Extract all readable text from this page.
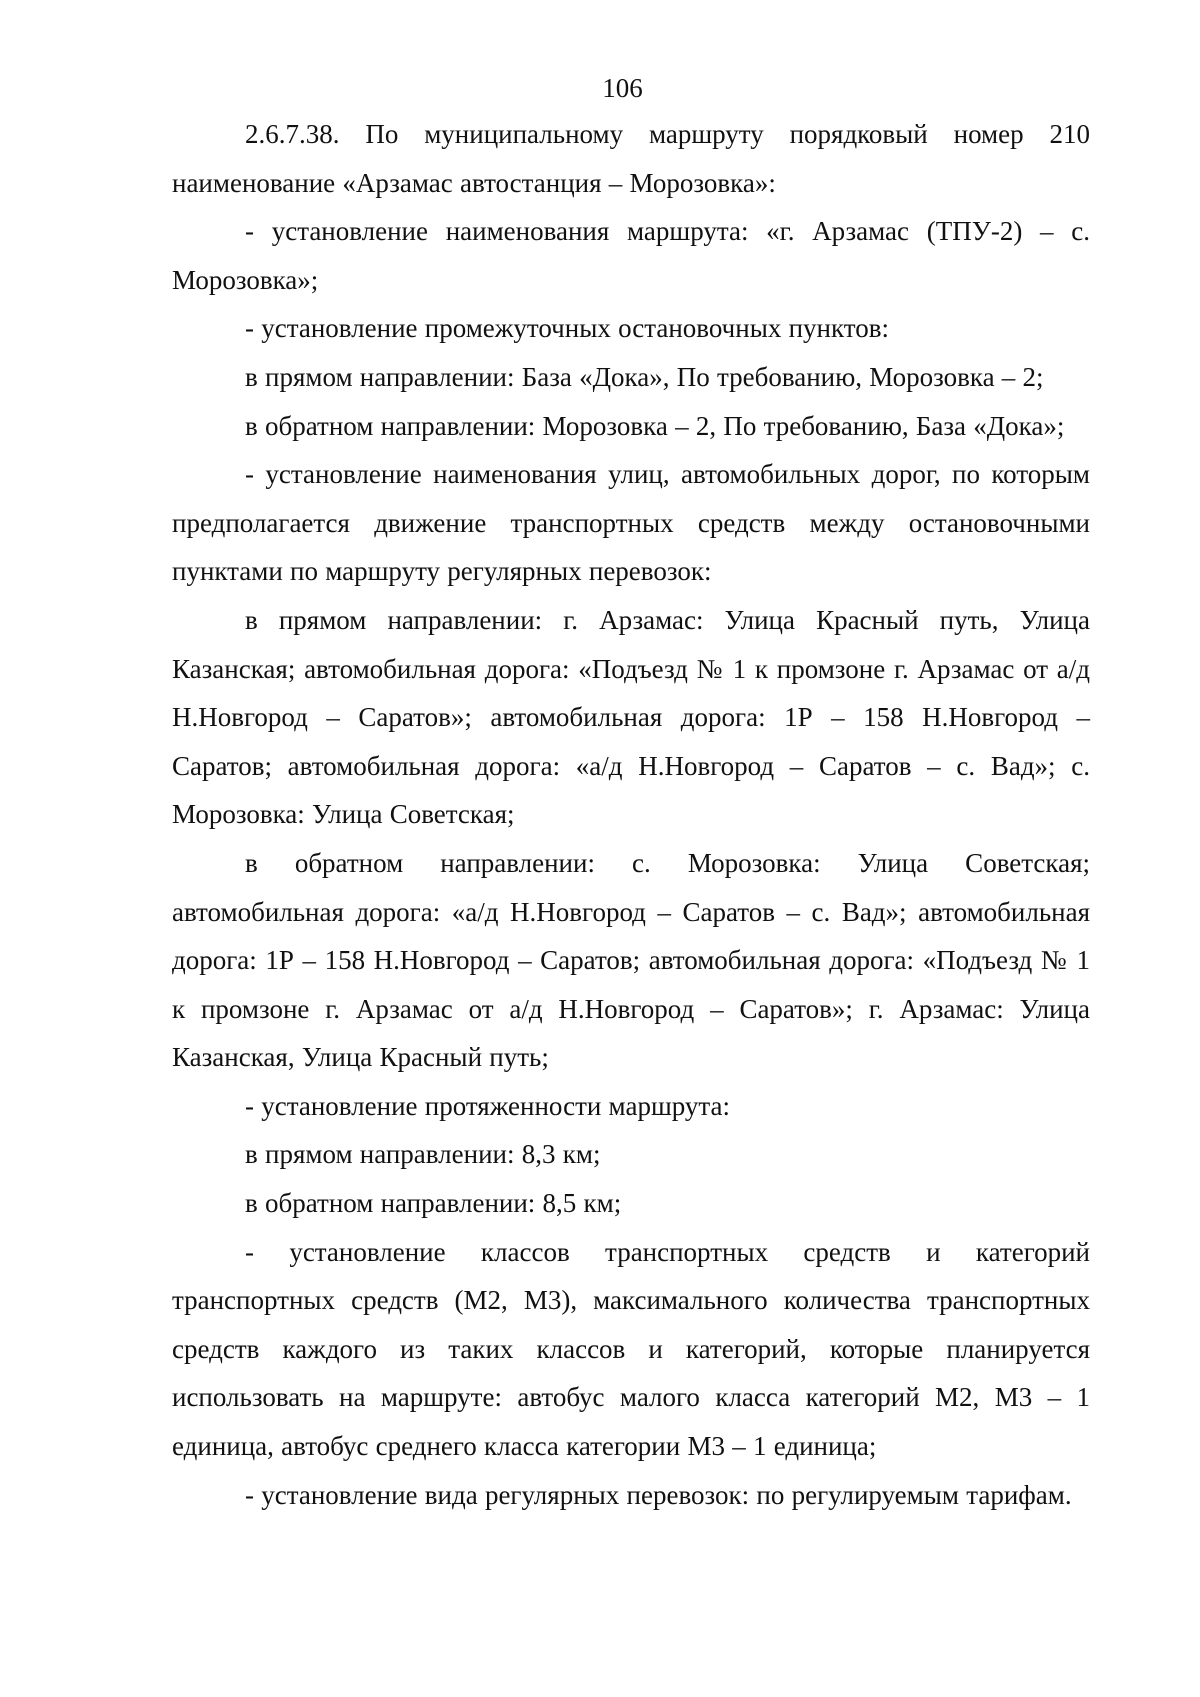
106

2.6.7.38. По муниципальному маршруту порядковый номер 210 наименование «Арзамас автостанция – Морозовка»:

- установление наименования маршрута: «г. Арзамас (ТПУ-2) – с. Морозовка»;

- установление промежуточных остановочных пунктов:

в прямом направлении: База «Дока», По требованию, Морозовка – 2;

в обратном направлении: Морозовка – 2, По требованию, База «Дока»;

- установление наименования улиц, автомобильных дорог, по которым предполагается движение транспортных средств между остановочными пунктами по маршруту регулярных перевозок:

в прямом направлении: г. Арзамас: Улица Красный путь, Улица Казанская; автомобильная дорога: «Подъезд № 1 к промзоне г. Арзамас от а/д Н.Новгород – Саратов»; автомобильная дорога: 1Р – 158 Н.Новгород – Саратов; автомобильная дорога: «а/д Н.Новгород – Саратов – с. Вад»; с. Морозовка: Улица Советская;

в обратном направлении: с. Морозовка: Улица Советская; автомобильная дорога: «а/д Н.Новгород – Саратов – с. Вад»; автомобильная дорога: 1Р – 158 Н.Новгород – Саратов; автомобильная дорога: «Подъезд № 1 к промзоне г. Арзамас от а/д Н.Новгород – Саратов»; г. Арзамас: Улица Казанская, Улица Красный путь;

- установление протяженности маршрута:

в прямом направлении: 8,3 км;

в обратном направлении: 8,5 км;

- установление классов транспортных средств и категорий транспортных средств (М2, М3), максимального количества транспортных средств каждого из таких классов и категорий, которые планируется использовать на маршруте: автобус малого класса категорий М2, М3 – 1 единица, автобус среднего класса категории М3 – 1 единица;

- установление вида регулярных перевозок: по регулируемым тарифам.
